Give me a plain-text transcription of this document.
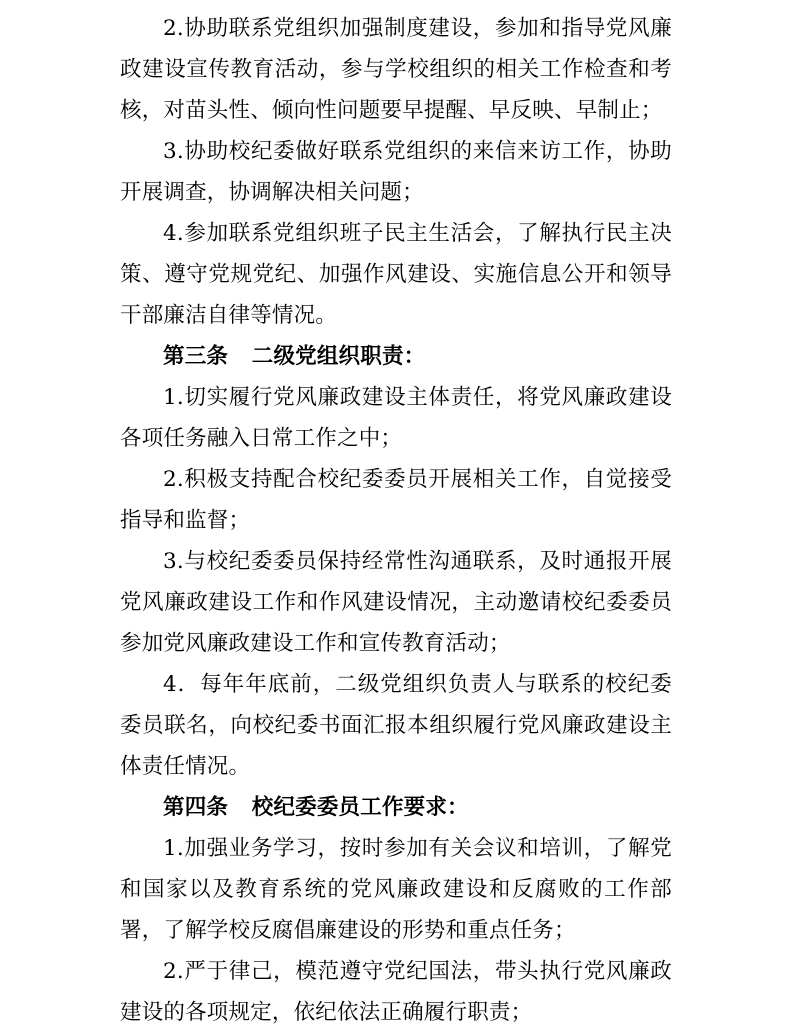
2.协助联系党组织加强制度建设，参加和指导党风廉政建设宣传教育活动，参与学校组织的相关工作检查和考核，对苗头性、倾向性问题要早提醒、早反映、早制止；

3.协助校纪委做好联系党组织的来信来访工作，协助开展调查，协调解决相关问题；

4.参加联系党组织班子民主生活会，了解执行民主决策、遵守党规党纪、加强作风建设、实施信息公开和领导干部廉洁自律等情况。

第三条 二级党组织职责：

1.切实履行党风廉政建设主体责任，将党风廉政建设各项任务融入日常工作之中；

2.积极支持配合校纪委委员开展相关工作，自觉接受指导和监督；

3.与校纪委委员保持经常性沟通联系，及时通报开展党风廉政建设工作和作风建设情况，主动邀请校纪委委员参加党风廉政建设工作和宣传教育活动；

4．每年年底前，二级党组织负责人与联系的校纪委委员联名，向校纪委书面汇报本组织履行党风廉政建设主体责任情况。

第四条 校纪委委员工作要求：

1.加强业务学习，按时参加有关会议和培训，了解党和国家以及教育系统的党风廉政建设和反腐败的工作部署，了解学校反腐倡廉建设的形势和重点任务；

2.严于律己，模范遵守党纪国法，带头执行党风廉政建设的各项规定，依纪依法正确履行职责；
